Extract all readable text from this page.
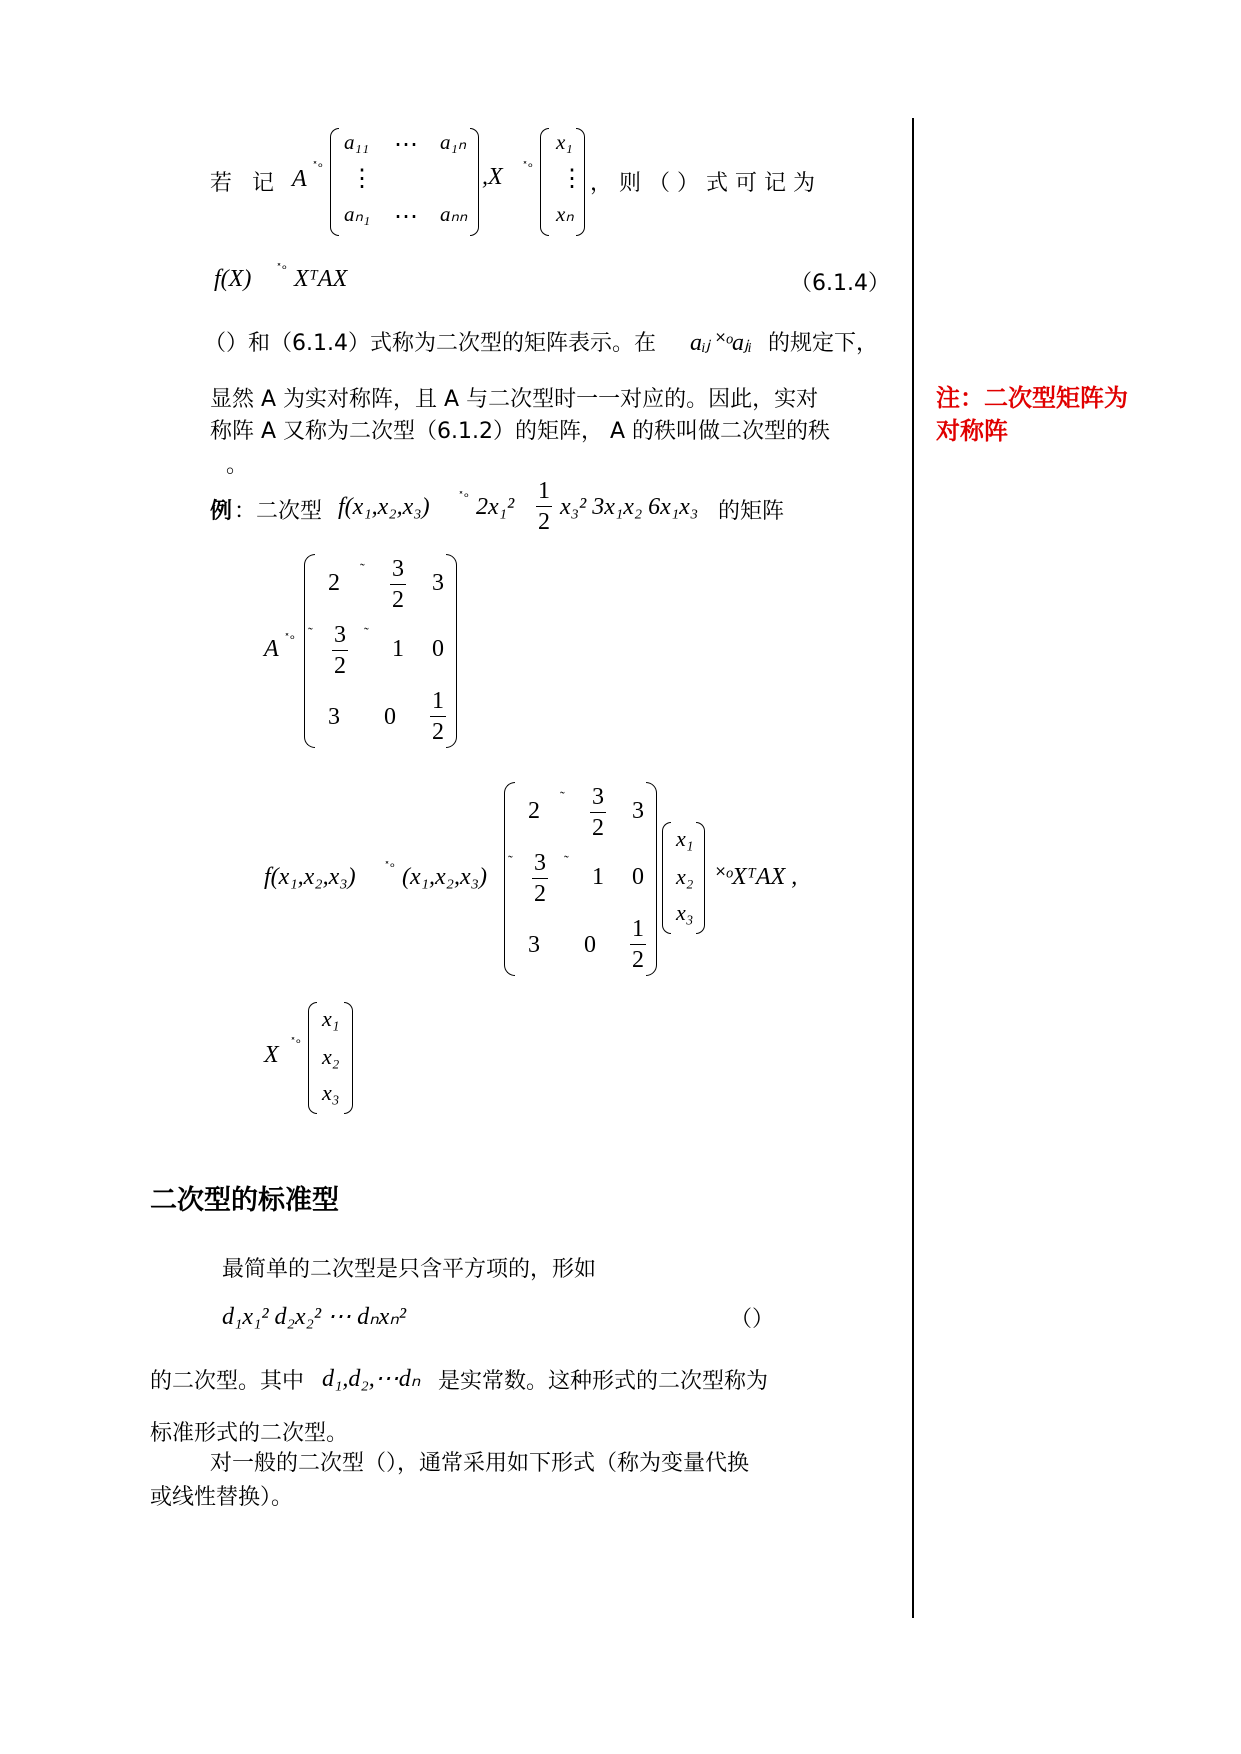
注：二次型矩阵为对称阵
若 记 A ˟ᵒ
a₁₁ ⋯ a₁ₙ
⋮
aₙ₁ ⋯ aₙₙ
,X ˟ᵒ
x₁
⋮
xₙ
， 则 （ ） 式 可 记 为
f(X) ˟ᵒ XᵀAX	（6.1.4）
（）和（6.1.4）式称为二次型的矩阵表示。在 aᵢⱼ ˟ᵒaⱼᵢ 的规定下，
显然 A 为实对称阵，且 A 与二次型时一一对应的。因此，实对
称阵 A 又称为二次型（6.1.2）的矩阵， A 的秩叫做二次型的秩
。
例 ：二次型 f(x₁,x₂,x₃) ˟ᵒ $2x_1^2 \frac{1}{2} x_3^2$ 3x₁x₂ 6x₁x₃ 的矩阵
A ˟ᵒ
2
˜ $\frac{3}{2} 3$
˜ $\frac{3}{2}$ ˜
1 0
3 $0 \frac{1}{2}$
f(x₁,x₂,x₃) ˟ᵒ (x₁,x₂,x₃)
2
˜ $\frac{3}{2} 3$
˜ $\frac{3}{2}$ ˜
1 0
3 $0 \frac{1}{2}$
x₁
x₂
x₃
˟ᵒXᵀAX ,
X ˟ᵒ
x₁
x₂
x₃
二次型的标准型
最简单的二次型是只含平方项的，形如
d₁x₁² d₂x₂² ⋯ dₙxₙ²	（）
的二次型。其中 d₁,d₂,⋯dₙ 是实常数。这种形式的二次型称为
标准形式的二次型。
对一般的二次型（），通常采用如下形式（称为变量代换
或线性替换）。
